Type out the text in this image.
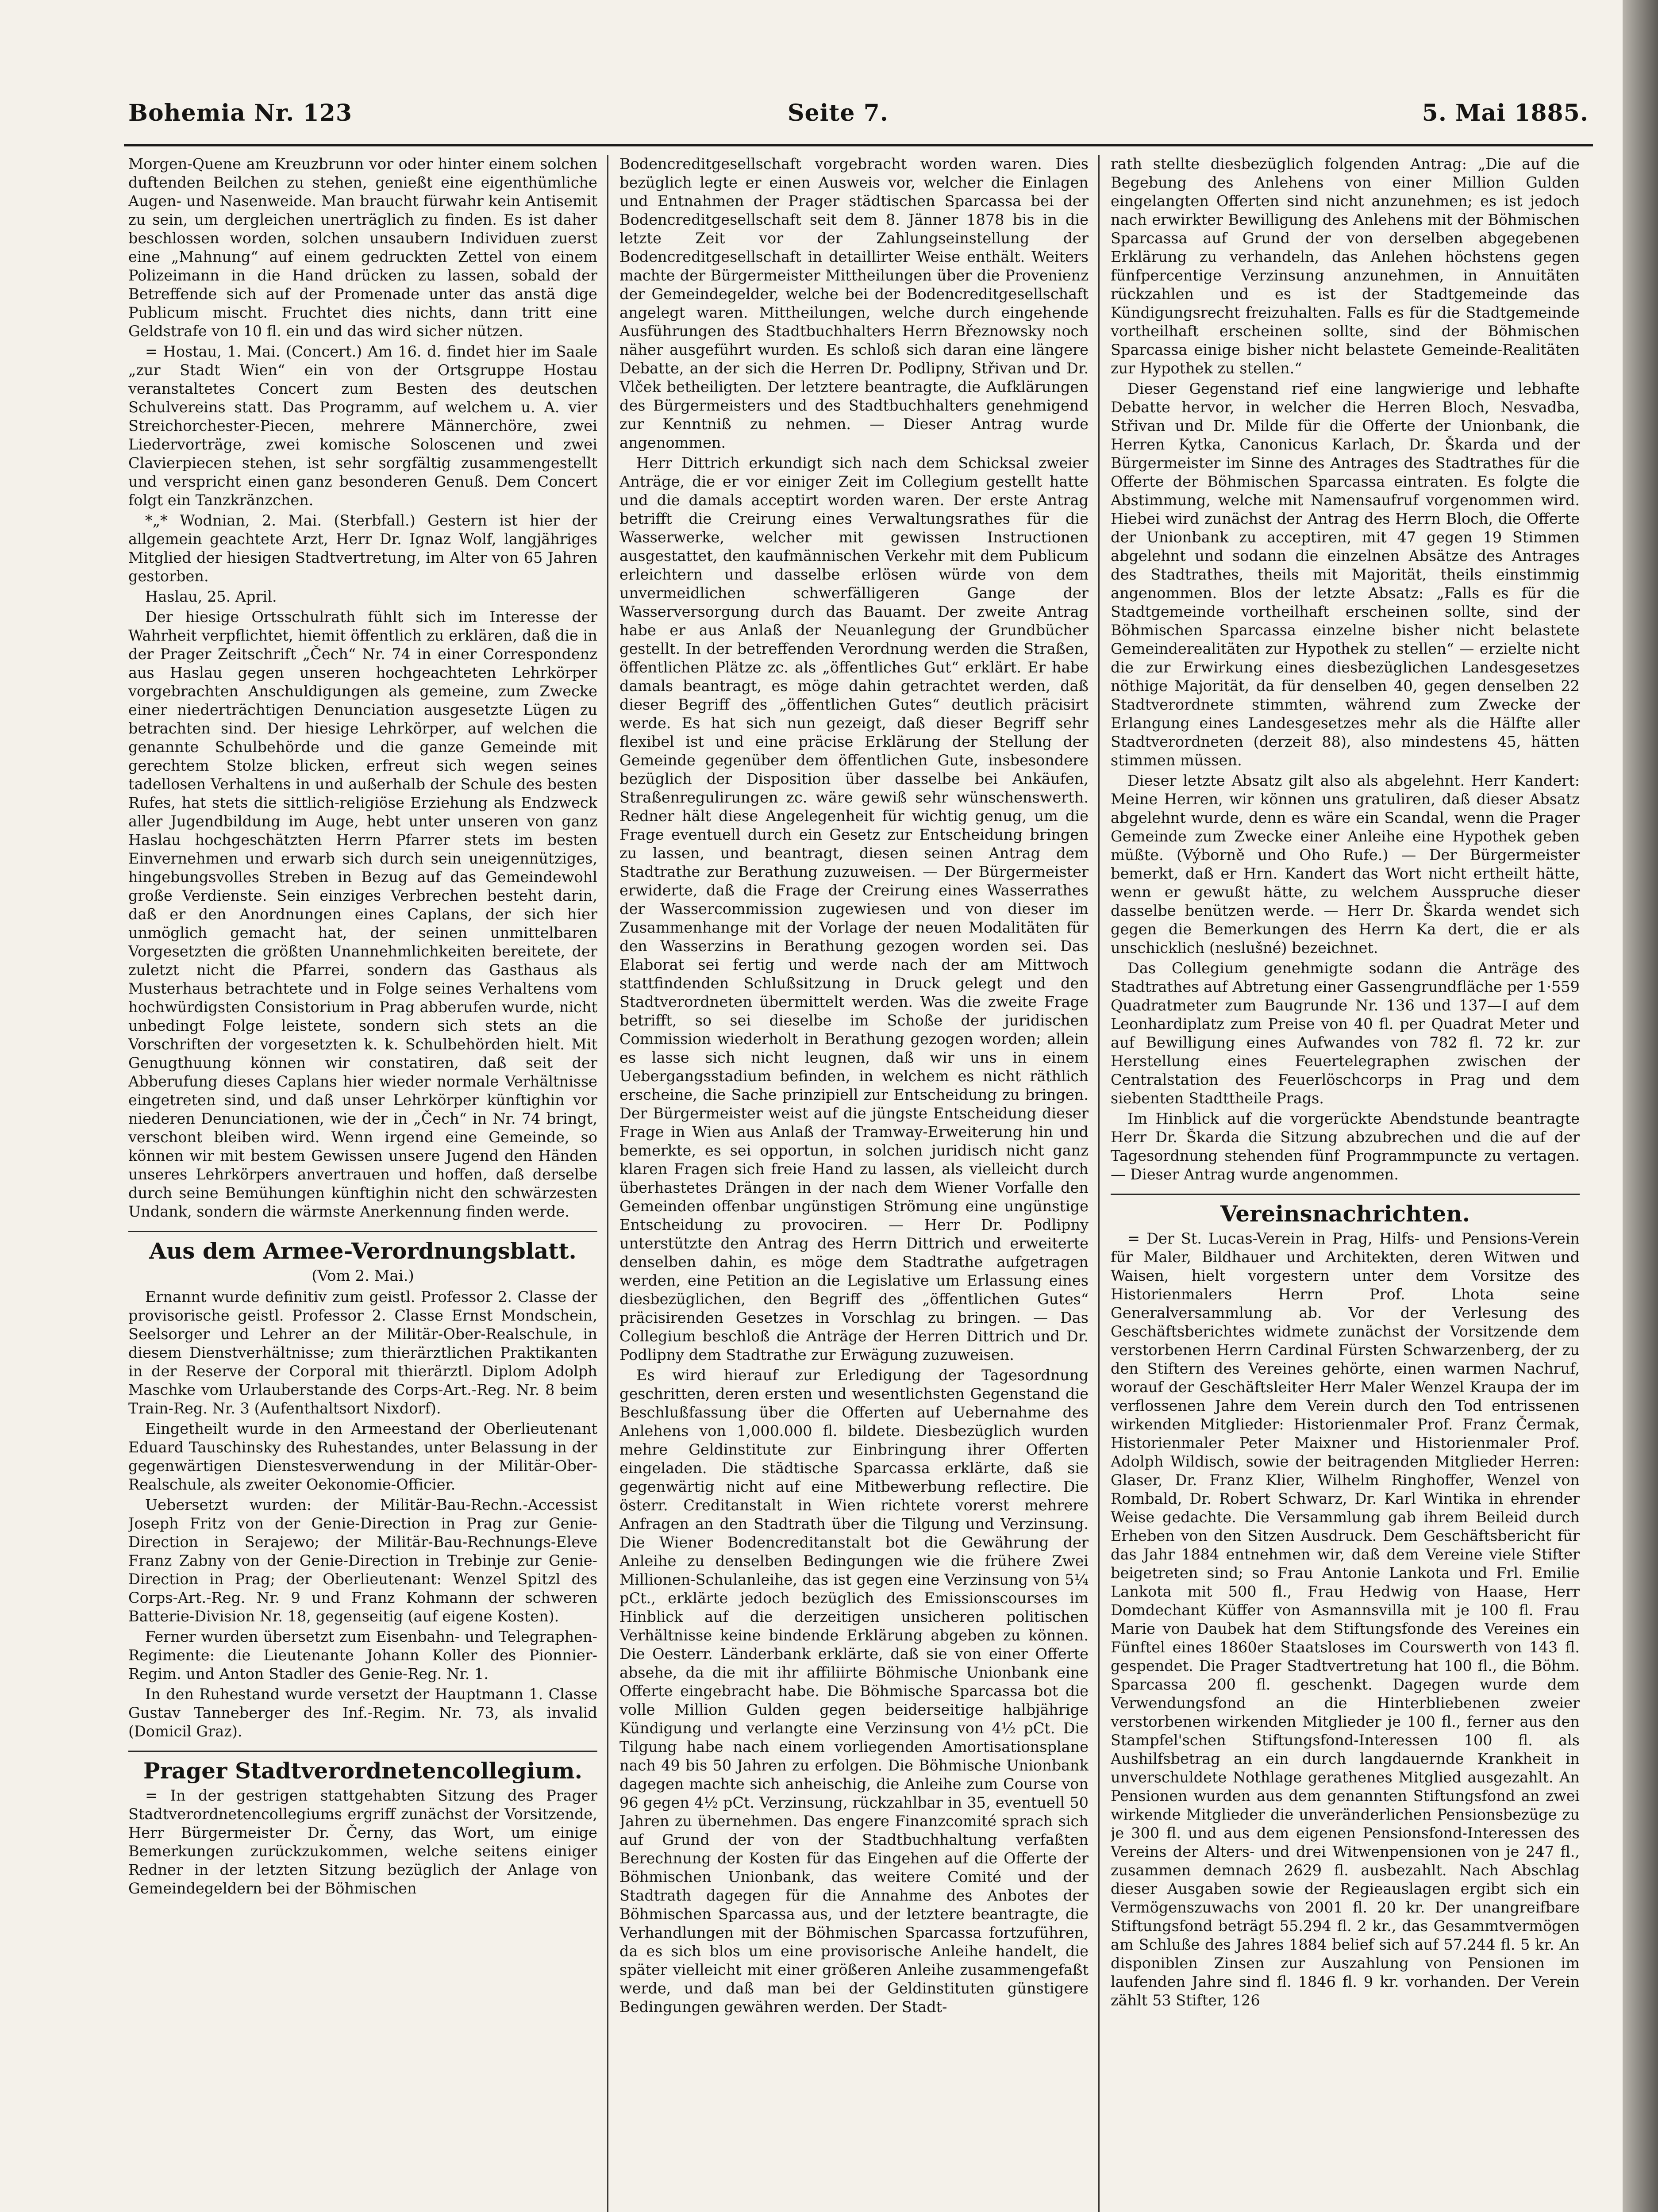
Bohemia Nr. 123	Seite 7.	5. Mai 1885.

Morgen-Quene am Kreuzbrunn vor oder hinter einem solchen duftenden Beilchen zu stehen, genießt eine eigenthümliche Augen- und Nasenweide. Man braucht fürwahr kein Antisemit zu sein, um dergleichen unerträglich zu finden. Es ist daher beschlossen worden, solchen unsaubern Individuen zuerst eine „Mahnung“ auf einem gedruckten Zettel von einem Polizeimann in die Hand drücken zu lassen, sobald der Betreffende sich auf der Promenade unter das anstä dige Publicum mischt. Fruchtet dies nichts, dann tritt eine Geldstrafe von 10 fl. ein und das wird sicher nützen.

= Hostau, 1. Mai. (Concert.) Am 16. d. findet hier im Saale „zur Stadt Wien“ ein von der Ortsgruppe Hostau veranstaltetes Concert zum Besten des deutschen Schulvereins statt. Das Programm, auf welchem u. A. vier Streichorchester-Piecen, mehrere Männerchöre, zwei Liedervorträge, zwei komische Soloscenen und zwei Clavierpiecen stehen, ist sehr sorgfältig zusammengestellt und verspricht einen ganz besonderen Genuß. Dem Concert folgt ein Tanzkränzchen.

*„* Wodnian, 2. Mai. (Sterbfall.) Gestern ist hier der allgemein geachtete Arzt, Herr Dr. Ignaz Wolf, langjähriges Mitglied der hiesigen Stadtvertretung, im Alter von 65 Jahren gestorben.

Haslau, 25. April.

Der hiesige Ortsschulrath fühlt sich im Interesse der Wahrheit verpflichtet, hiemit öffentlich zu erklären, daß die in der Prager Zeitschrift „Čech“ Nr. 74 in einer Correspondenz aus Haslau gegen unseren hochgeachteten Lehrkörper vorgebrachten Anschuldigungen als gemeine, zum Zwecke einer niederträchtigen Denunciation ausgesetzte Lügen zu betrachten sind. Der hiesige Lehrkörper, auf welchen die genannte Schulbehörde und die ganze Gemeinde mit gerechtem Stolze blicken, erfreut sich wegen seines tadellosen Verhaltens in und außerhalb der Schule des besten Rufes, hat stets die sittlich-religiöse Erziehung als Endzweck aller Jugendbildung im Auge, hebt unter unseren von ganz Haslau hochgeschätzten Herrn Pfarrer stets im besten Einvernehmen und erwarb sich durch sein uneigennütziges, hingebungsvolles Streben in Bezug auf das Gemeindewohl große Verdienste. Sein einziges Verbrechen besteht darin, daß er den Anordnungen eines Caplans, der sich hier unmöglich gemacht hat, der seinen unmittelbaren Vorgesetzten die größten Unannehmlichkeiten bereitete, der zuletzt nicht die Pfarrei, sondern das Gasthaus als Musterhaus betrachtete und in Folge seines Verhaltens vom hochwürdigsten Consistorium in Prag abberufen wurde, nicht unbedingt Folge leistete, sondern sich stets an die Vorschriften der vorgesetzten k. k. Schulbehörden hielt. Mit Genugthuung können wir constatiren, daß seit der Abberufung dieses Caplans hier wieder normale Verhältnisse eingetreten sind, und daß unser Lehrkörper künftighin vor niederen Denunciationen, wie der in „Čech“ in Nr. 74 bringt, verschont bleiben wird. Wenn irgend eine Gemeinde, so können wir mit bestem Gewissen unsere Jugend den Händen unseres Lehrkörpers anvertrauen und hoffen, daß derselbe durch seine Bemühungen künftighin nicht den schwärzesten Undank, sondern die wärmste Anerkennung finden werde.

Aus dem Armee-Verordnungsblatt.
(Vom 2. Mai.)

Ernannt wurde definitiv zum geistl. Professor 2. Classe der provisorische geistl. Professor 2. Classe Ernst Mondschein, Seelsorger und Lehrer an der Militär-Ober-Realschule, in diesem Dienstverhältnisse; zum thierärztlichen Praktikanten in der Reserve der Corporal mit thierärztl. Diplom Adolph Maschke vom Urlauberstande des Corps-Art.-Reg. Nr. 8 beim Train-Reg. Nr. 3 (Aufenthaltsort Nixdorf).

Eingetheilt wurde in den Armeestand der Oberlieutenant Eduard Tauschinsky des Ruhestandes, unter Belassung in der gegenwärtigen Dienstesverwendung in der Militär-Ober-Realschule, als zweiter Oekonomie-Officier.

Uebersetzt wurden: der Militär-Bau-Rechn.-Accessist Joseph Fritz von der Genie-Direction in Prag zur Genie-Direction in Serajewo; der Militär-Bau-Rechnungs-Eleve Franz Zabny von der Genie-Direction in Trebinje zur Genie-Direction in Prag; der Oberlieutenant: Wenzel Spitzl des Corps-Art.-Reg. Nr. 9 und Franz Kohmann der schweren Batterie-Division Nr. 18, gegenseitig (auf eigene Kosten).

Ferner wurden übersetzt zum Eisenbahn- und Telegraphen-Regimente: die Lieutenante Johann Koller des Pionnier-Regim. und Anton Stadler des Genie-Reg. Nr. 1.

In den Ruhestand wurde versetzt der Hauptmann 1. Classe Gustav Tanneberger des Inf.-Regim. Nr. 73, als invalid (Domicil Graz).

Prager Stadtverordnetencollegium.

= In der gestrigen stattgehabten Sitzung des Prager Stadtverordnetencollegiums ergriff zunächst der Vorsitzende, Herr Bürgermeister Dr. Černy, das Wort, um einige Bemerkungen zurückzukommen, welche seitens einiger Redner in der letzten Sitzung bezüglich der Anlage von Gemeindegeldern bei der Böhmischen

Bodencreditgesellschaft vorgebracht worden waren. Dies bezüglich legte er einen Ausweis vor, welcher die Einlagen und Entnahmen der Prager städtischen Sparcassa bei der Bodencreditgesellschaft seit dem 8. Jänner 1878 bis in die letzte Zeit vor der Zahlungseinstellung der Bodencreditgesellschaft in detaillirter Weise enthält. Weiters machte der Bürgermeister Mittheilungen über die Provenienz der Gemeindegelder, welche bei der Bodencreditgesellschaft angelegt waren. Mittheilungen, welche durch eingehende Ausführungen des Stadtbuchhalters Herrn Březnowsky noch näher ausgeführt wurden. Es schloß sich daran eine längere Debatte, an der sich die Herren Dr. Podlipny, Střivan und Dr. Vlček betheiligten. Der letztere beantragte, die Aufklärungen des Bürgermeisters und des Stadtbuchhalters genehmigend zur Kenntniß zu nehmen. — Dieser Antrag wurde angenommen.

Herr Dittrich erkundigt sich nach dem Schicksal zweier Anträge, die er vor einiger Zeit im Collegium gestellt hatte und die damals acceptirt worden waren. Der erste Antrag betrifft die Creirung eines Verwaltungsrathes für die Wasserwerke, welcher mit gewissen Instructionen ausgestattet, den kaufmännischen Verkehr mit dem Publicum erleichtern und dasselbe erlösen würde von dem unvermeidlichen schwerfälligeren Gange der Wasserversorgung durch das Bauamt. Der zweite Antrag habe er aus Anlaß der Neuanlegung der Grundbücher gestellt. In der betreffenden Verordnung werden die Straßen, öffentlichen Plätze zc. als „öffentliches Gut“ erklärt. Er habe damals beantragt, es möge dahin getrachtet werden, daß dieser Begriff des „öffentlichen Gutes“ deutlich präcisirt werde. Es hat sich nun gezeigt, daß dieser Begriff sehr flexibel ist und eine präcise Erklärung der Stellung der Gemeinde gegenüber dem öffentlichen Gute, insbesondere bezüglich der Disposition über dasselbe bei Ankäufen, Straßenregulirungen zc. wäre gewiß sehr wünschenswerth. Redner hält diese Angelegenheit für wichtig genug, um die Frage eventuell durch ein Gesetz zur Entscheidung bringen zu lassen, und beantragt, diesen seinen Antrag dem Stadtrathe zur Berathung zuzuweisen. — Der Bürgermeister erwiderte, daß die Frage der Creirung eines Wasserrathes der Wassercommission zugewiesen und von dieser im Zusammenhange mit der Vorlage der neuen Modalitäten für den Wasserzins in Berathung gezogen worden sei. Das Elaborat sei fertig und werde nach der am Mittwoch stattfindenden Schlußsitzung in Druck gelegt und den Stadtverordneten übermittelt werden. Was die zweite Frage betrifft, so sei dieselbe im Schoße der juridischen Commission wiederholt in Berathung gezogen worden; allein es lasse sich nicht leugnen, daß wir uns in einem Uebergangsstadium befinden, in welchem es nicht räthlich erscheine, die Sache prinzipiell zur Entscheidung zu bringen. Der Bürgermeister weist auf die jüngste Entscheidung dieser Frage in Wien aus Anlaß der Tramway-Erweiterung hin und bemerkte, es sei opportun, in solchen juridisch nicht ganz klaren Fragen sich freie Hand zu lassen, als vielleicht durch überhastetes Drängen in der nach dem Wiener Vorfalle den Gemeinden offenbar ungünstigen Strömung eine ungünstige Entscheidung zu provociren. — Herr Dr. Podlipny unterstützte den Antrag des Herrn Dittrich und erweiterte denselben dahin, es möge dem Stadtrathe aufgetragen werden, eine Petition an die Legislative um Erlassung eines diesbezüglichen, den Begriff des „öffentlichen Gutes“ präcisirenden Gesetzes in Vorschlag zu bringen. — Das Collegium beschloß die Anträge der Herren Dittrich und Dr. Podlipny dem Stadtrathe zur Erwägung zuzuweisen.

Es wird hierauf zur Erledigung der Tagesordnung geschritten, deren ersten und wesentlichsten Gegenstand die Beschlußfassung über die Offerten auf Uebernahme des Anlehens von 1,000.000 fl. bildete. Diesbezüglich wurden mehre Geldinstitute zur Einbringung ihrer Offerten eingeladen. Die städtische Sparcassa erklärte, daß sie gegenwärtig nicht auf eine Mitbewerbung reflectire. Die österr. Creditanstalt in Wien richtete vorerst mehrere Anfragen an den Stadtrath über die Tilgung und Verzinsung. Die Wiener Bodencreditanstalt bot die Gewährung der Anleihe zu denselben Bedingungen wie die frühere Zwei Millionen-Schulanleihe, das ist gegen eine Verzinsung von 5¼ pCt., erklärte jedoch bezüglich des Emissionscourses im Hinblick auf die derzeitigen unsicheren politischen Verhältnisse keine bindende Erklärung abgeben zu können. Die Oesterr. Länderbank erklärte, daß sie von einer Offerte absehe, da die mit ihr affiliirte Böhmische Unionbank eine Offerte eingebracht habe. Die Böhmische Sparcassa bot die volle Million Gulden gegen beiderseitige halbjährige Kündigung und verlangte eine Verzinsung von 4½ pCt. Die Tilgung habe nach einem vorliegenden Amortisationsplane nach 49 bis 50 Jahren zu erfolgen. Die Böhmische Unionbank dagegen machte sich anheischig, die Anleihe zum Course von 96 gegen 4½ pCt. Verzinsung, rückzahlbar in 35, eventuell 50 Jahren zu übernehmen. Das engere Finanzcomité sprach sich auf Grund der von der Stadtbuchhaltung verfaßten Berechnung der Kosten für das Eingehen auf die Offerte der Böhmischen Unionbank, das weitere Comité und der Stadtrath dagegen für die Annahme des Anbotes der Böhmischen Sparcassa aus, und der letztere beantragte, die Verhandlungen mit der Böhmischen Sparcassa fortzuführen, da es sich blos um eine provisorische Anleihe handelt, die später vielleicht mit einer größeren Anleihe zusammengefaßt werde, und daß man bei der Geldinstituten günstigere Bedingungen gewähren werden. Der Stadt-

rath stellte diesbezüglich folgenden Antrag: „Die auf die Begebung des Anlehens von einer Million Gulden eingelangten Offerten sind nicht anzunehmen; es ist jedoch nach erwirkter Bewilligung des Anlehens mit der Böhmischen Sparcassa auf Grund der von derselben abgegebenen Erklärung zu verhandeln, das Anlehen höchstens gegen fünfpercentige Verzinsung anzunehmen, in Annuitäten rückzahlen und es ist der Stadtgemeinde das Kündigungsrecht freizuhalten. Falls es für die Stadtgemeinde vortheilhaft erscheinen sollte, sind der Böhmischen Sparcassa einige bisher nicht belastete Gemeinde-Realitäten zur Hypothek zu stellen.“

Dieser Gegenstand rief eine langwierige und lebhafte Debatte hervor, in welcher die Herren Bloch, Nesvadba, Střivan und Dr. Milde für die Offerte der Unionbank, die Herren Kytka, Canonicus Karlach, Dr. Škarda und der Bürgermeister im Sinne des Antrages des Stadtrathes für die Offerte der Böhmischen Sparcassa eintraten. Es folgte die Abstimmung, welche mit Namensaufruf vorgenommen wird. Hiebei wird zunächst der Antrag des Herrn Bloch, die Offerte der Unionbank zu acceptiren, mit 47 gegen 19 Stimmen abgelehnt und sodann die einzelnen Absätze des Antrages des Stadtrathes, theils mit Majorität, theils einstimmig angenommen. Blos der letzte Absatz: „Falls es für die Stadtgemeinde vortheilhaft erscheinen sollte, sind der Böhmischen Sparcassa einzelne bisher nicht belastete Gemeinderealitäten zur Hypothek zu stellen“ — erzielte nicht die zur Erwirkung eines diesbezüglichen Landesgesetzes nöthige Majorität, da für denselben 40, gegen denselben 22 Stadtverordnete stimmten, während zum Zwecke der Erlangung eines Landesgesetzes mehr als die Hälfte aller Stadtverordneten (derzeit 88), also mindestens 45, hätten stimmen müssen.

Dieser letzte Absatz gilt also als abgelehnt. Herr Kandert: Meine Herren, wir können uns gratuliren, daß dieser Absatz abgelehnt wurde, denn es wäre ein Scandal, wenn die Prager Gemeinde zum Zwecke einer Anleihe eine Hypothek geben müßte. (Výborně und Oho Rufe.) — Der Bürgermeister bemerkt, daß er Hrn. Kandert das Wort nicht ertheilt hätte, wenn er gewußt hätte, zu welchem Ausspruche dieser dasselbe benützen werde. — Herr Dr. Škarda wendet sich gegen die Bemerkungen des Herrn Ka dert, die er als unschicklich (neslušné) bezeichnet.

Das Collegium genehmigte sodann die Anträge des Stadtrathes auf Abtretung einer Gassengrundfläche per 1·559 Quadratmeter zum Baugrunde Nr. 136 und 137—I auf dem Leonhardiplatz zum Preise von 40 fl. per Quadrat Meter und auf Bewilligung eines Aufwandes von 782 fl. 72 kr. zur Herstellung eines Feuertelegraphen zwischen der Centralstation des Feuerlöschcorps in Prag und dem siebenten Stadttheile Prags.

Im Hinblick auf die vorgerückte Abendstunde beantragte Herr Dr. Škarda die Sitzung abzubrechen und die auf der Tagesordnung stehenden fünf Programmpuncte zu vertagen. — Dieser Antrag wurde angenommen.

Vereinsnachrichten.

= Der St. Lucas-Verein in Prag, Hilfs- und Pensions-Verein für Maler, Bildhauer und Architekten, deren Witwen und Waisen, hielt vorgestern unter dem Vorsitze des Historienmalers Herrn Prof. Lhota seine Generalversammlung ab. Vor der Verlesung des Geschäftsberichtes widmete zunächst der Vorsitzende dem verstorbenen Herrn Cardinal Fürsten Schwarzenberg, der zu den Stiftern des Vereines gehörte, einen warmen Nachruf, worauf der Geschäftsleiter Herr Maler Wenzel Kraupa der im verflossenen Jahre dem Verein durch den Tod entrissenen wirkenden Mitglieder: Historienmaler Prof. Franz Čermak, Historienmaler Peter Maixner und Historienmaler Prof. Adolph Wildisch, sowie der beitragenden Mitglieder Herren: Glaser, Dr. Franz Klier, Wilhelm Ringhoffer, Wenzel von Rombald, Dr. Robert Schwarz, Dr. Karl Wintika in ehrender Weise gedachte. Die Versammlung gab ihrem Beileid durch Erheben von den Sitzen Ausdruck. Dem Geschäftsbericht für das Jahr 1884 entnehmen wir, daß dem Vereine viele Stifter beigetreten sind; so Frau Antonie Lankota und Frl. Emilie Lankota mit 500 fl., Frau Hedwig von Haase, Herr Domdechant Küffer von Asmannsvilla mit je 100 fl. Frau Marie von Daubek hat dem Stiftungsfonde des Vereines ein Fünftel eines 1860er Staatsloses im Courswerth von 143 fl. gespendet. Die Prager Stadtvertretung hat 100 fl., die Böhm. Sparcassa 200 fl. geschenkt. Dagegen wurde dem Verwendungsfond an die Hinterbliebenen zweier verstorbenen wirkenden Mitglieder je 100 fl., ferner aus den Stampfel'schen Stiftungsfond-Interessen 100 fl. als Aushilfsbetrag an ein durch langdauernde Krankheit in unverschuldete Nothlage gerathenes Mitglied ausgezahlt. An Pensionen wurden aus dem genannten Stiftungsfond an zwei wirkende Mitglieder die unveränderlichen Pensionsbezüge zu je 300 fl. und aus dem eigenen Pensionsfond-Interessen des Vereins der Alters- und drei Witwenpensionen von je 247 fl., zusammen demnach 2629 fl. ausbezahlt. Nach Abschlag dieser Ausgaben sowie der Regieauslagen ergibt sich ein Vermögenszuwachs von 2001 fl. 20 kr. Der unangreifbare Stiftungsfond beträgt 55.294 fl. 2 kr., das Gesammtvermögen am Schluße des Jahres 1884 belief sich auf 57.244 fl. 5 kr. An disponiblen Zinsen zur Auszahlung von Pensionen im laufenden Jahre sind fl. 1846 fl. 9 kr. vorhanden. Der Verein zählt 53 Stifter, 126
